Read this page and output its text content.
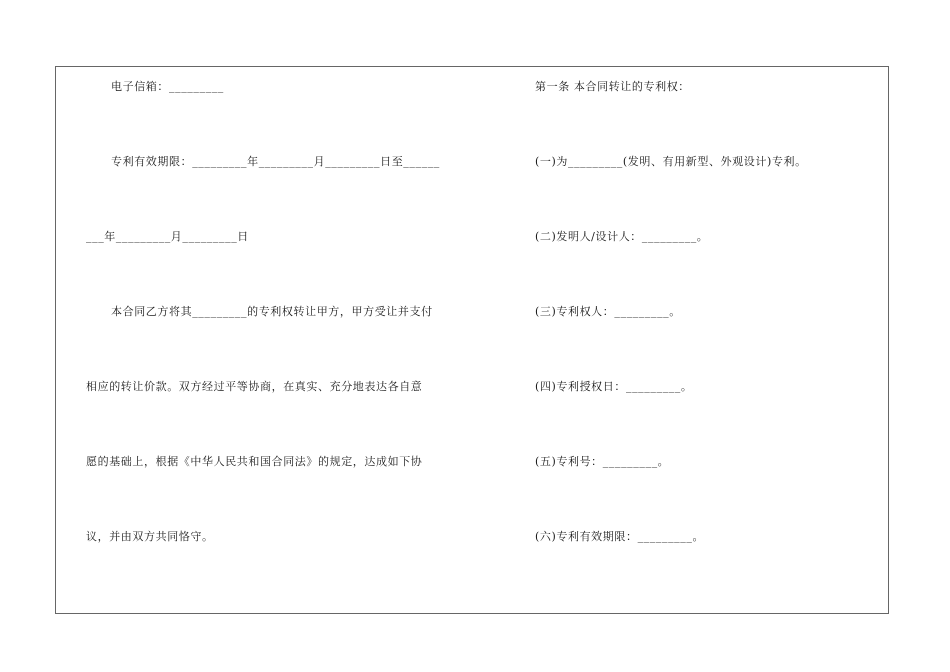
电子信箱：_________
专利有效期限：_________年_________月_________日至______
___年_________月_________日
本合同乙方将其_________的专利权转让甲方，甲方受让并支付
相应的转让价款。双方经过平等协商，在真实、充分地表达各自意
愿的基础上，根据《中华人民共和国合同法》的规定，达成如下协
议，并由双方共同恪守。
第一条 本合同转让的专利权：
(一)为_________(发明、有用新型、外观设计)专利。
(二)发明人/设计人：_________。
(三)专利权人：_________。
(四)专利授权日：_________。
(五)专利号：_________。
(六)专利有效期限：_________。
